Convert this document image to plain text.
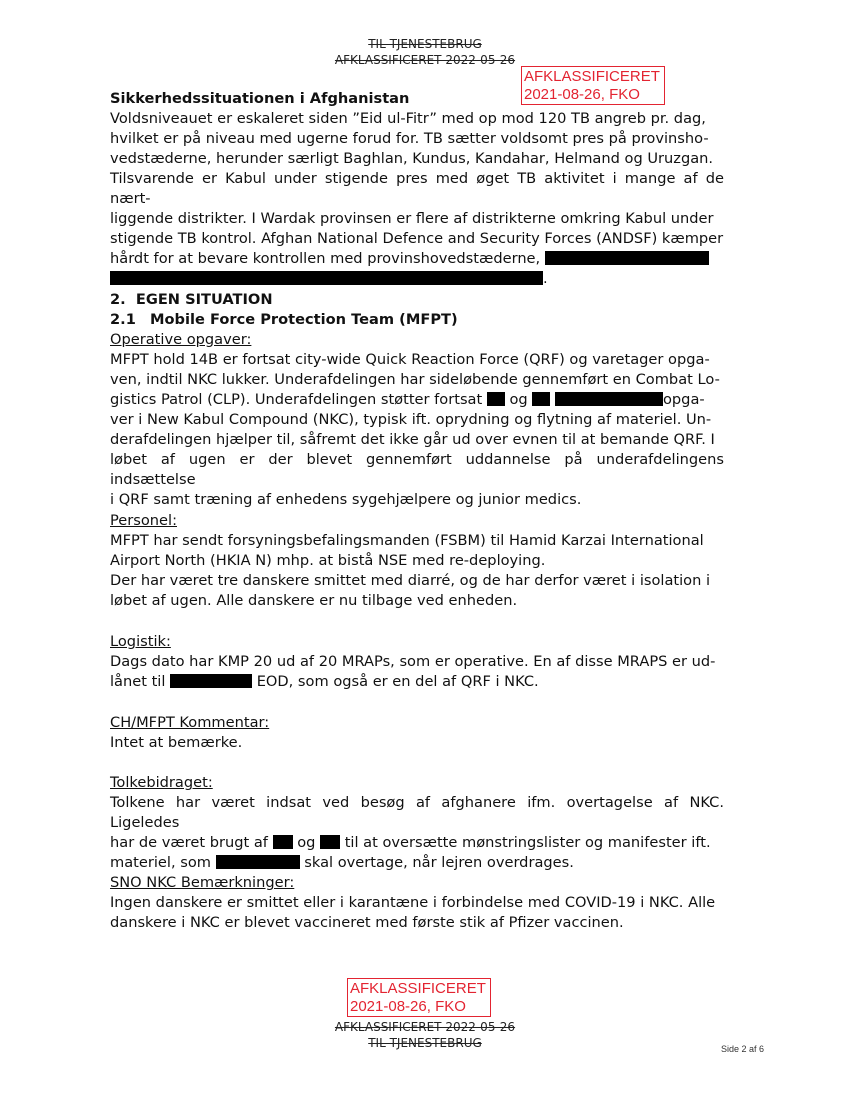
TIL TJENESTEBRUG
AFKLASSIFICERET 2022-05-26
AFKLASSIFICERET
2021-08-26, FKO

Sikkerhedssituationen i Afghanistan

Voldsniveauet er eskaleret siden ”Eid ul-Fitr” med op mod 120 TB angreb pr. dag,

hvilket er på niveau med ugerne forud for. TB sætter voldsomt pres på provinsho-

vedstæderne, herunder særligt Baghlan, Kundus, Kandahar, Helmand og Uruzgan.

Tilsvarende er Kabul under stigende pres med øget TB aktivitet i mange af de nært-

liggende distrikter. I Wardak provinsen er flere af distrikterne omkring Kabul under

stigende TB kontrol. Afghan National Defence and Security Forces (ANDSF) kæmper

hårdt for at bevare kontrollen med provinshovedstæderne,

.

2. EGEN SITUATION

2.1 Mobile Force Protection Team (MFPT)

Operative opgaver:

MFPT hold 14B er fortsat city-wide Quick Reaction Force (QRF) og varetager opga-

ven, indtil NKC lukker. Underafdelingen har sideløbende gennemført en Combat Lo-

gistics Patrol (CLP). Underafdelingen støtter fortsat og	opga-

ver i New Kabul Compound (NKC), typisk ift. oprydning og flytning af materiel. Un-

derafdelingen hjælper til, såfremt det ikke går ud over evnen til at bemande QRF. I

løbet af ugen er der blevet gennemført uddannelse på underafdelingens indsættelse

i QRF samt træning af enhedens sygehjælpere og junior medics.

Personel:

MFPT har sendt forsyningsbefalingsmanden (FSBM) til Hamid Karzai International

Airport North (HKIA N) mhp. at bistå NSE med re-deploying.

Der har været tre danskere smittet med diarré, og de har derfor været i isolation i

løbet af ugen. Alle danskere er nu tilbage ved enheden.

Logistik:

Dags dato har KMP 20 ud af 20 MRAPs, som er operative. En af disse MRAPS er ud-

lånet til	EOD, som også er en del af QRF i NKC.

CH/MFPT Kommentar:

Intet at bemærke.

Tolkebidraget:

Tolkene har været indsat ved besøg af afghanere ifm. overtagelse af NKC. Ligeledes

har de været brugt af og til at oversætte mønstringslister og manifester ift.

materiel, som	skal overtage, når lejren overdrages.

SNO NKC Bemærkninger:

Ingen danskere er smittet eller i karantæne i forbindelse med COVID-19 i NKC. Alle

danskere i NKC er blevet vaccineret med første stik af Pfizer vaccinen.

AFKLASSIFICERET
2021-08-26, FKO
AFKLASSIFICERET 2022-05-26
TIL TJENESTEBRUG	Side 2 af 6
